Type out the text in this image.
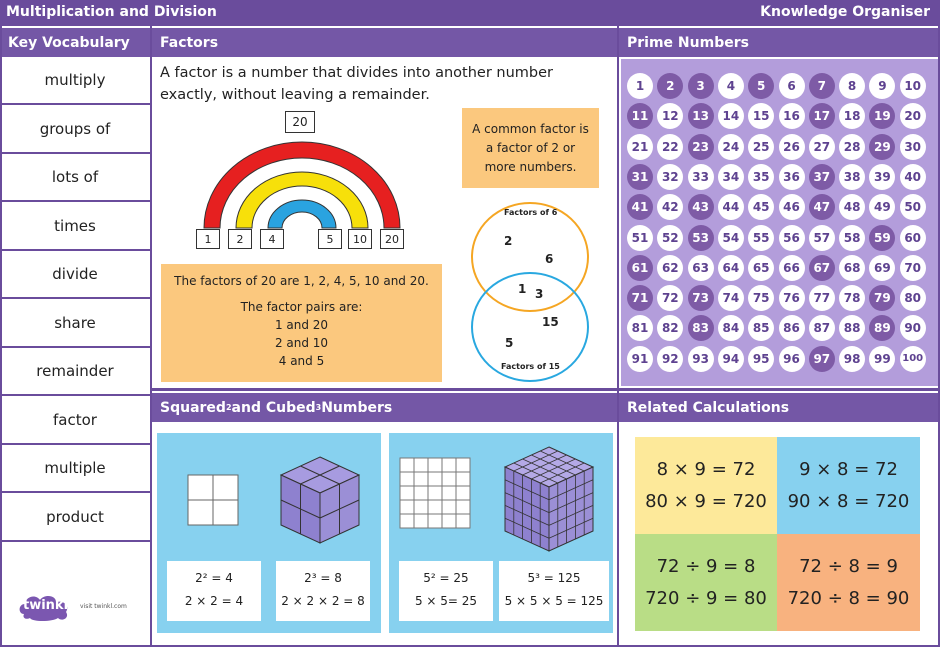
Multiplication and Division	Knowledge Organiser
Key Vocabulary
multiply
groups of
lots of
times
divide
share
remainder
factor
multiple
product
twinkl visit twinkl.com
Factors
A factor is a number that divides into another number exactly, without leaving a remainder.
20
1	2	4	5	10	20
A common factor is a factor of 2 or more numbers.
The factors of 20 are 1, 2, 4, 5, 10 and 20.
The factor pairs are:
1 and 20
2 and 10
4 and 5
Factors of 6
Factors of 15
2
6
1 3
15
5
Prime Numbers
1	2	3	4	5	6	7	8	9	10
11	12	13	14	15	16	17	18	19	20
21	22	23	24	25	26	27	28	29	30
31	32	33	34	35	36	37	38	39	40
41	42	43	44	45	46	47	48	49	50
51	52	53	54	55	56	57	58	59	60
61	62	63	64	65	66	67	68	69	70
71	72	73	74	75	76	77	78	79	80
81	82	83	84	85	86	87	88	89	90
91	92	93	94	95	96	97	98	99	100
Squared 2 and Cubed 3 Numbers
2² = 4
2 × 2 = 4
2³ = 8
2 × 2 × 2 = 8
5² = 25
5 × 5= 25
5³ = 125
5 × 5 × 5 = 125
Related Calculations
8 × 9 = 72
80 × 9 = 720
9 × 8 = 72
90 × 8 = 720
72 ÷ 9 = 8
720 ÷ 9 = 80
72 ÷ 8 = 9
720 ÷ 8 = 90
